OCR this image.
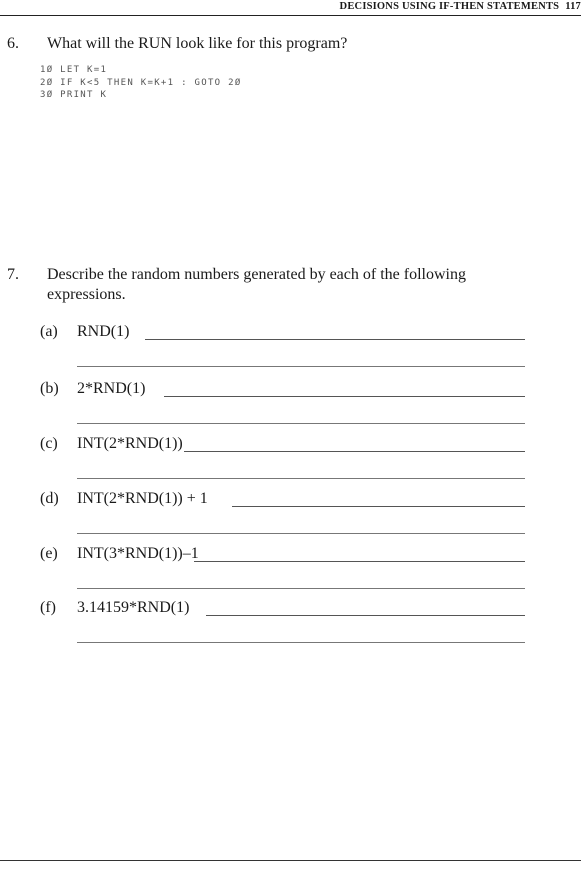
DECISIONS USING IF-THEN STATEMENTS 117
6. What will the RUN look like for this program?
1Ø LET K=1
2Ø IF K<5 THEN K=K+1 : GOTO 2Ø
3Ø PRINT K
7. Describe the random numbers generated by each of the following
expressions.
(a) RND(1)
(b) 2*RND(1)
(c) INT(2*RND(1))
(d) INT(2*RND(1)) + 1
(e) INT(3*RND(1))–1
(f) 3.14159*RND(1)
